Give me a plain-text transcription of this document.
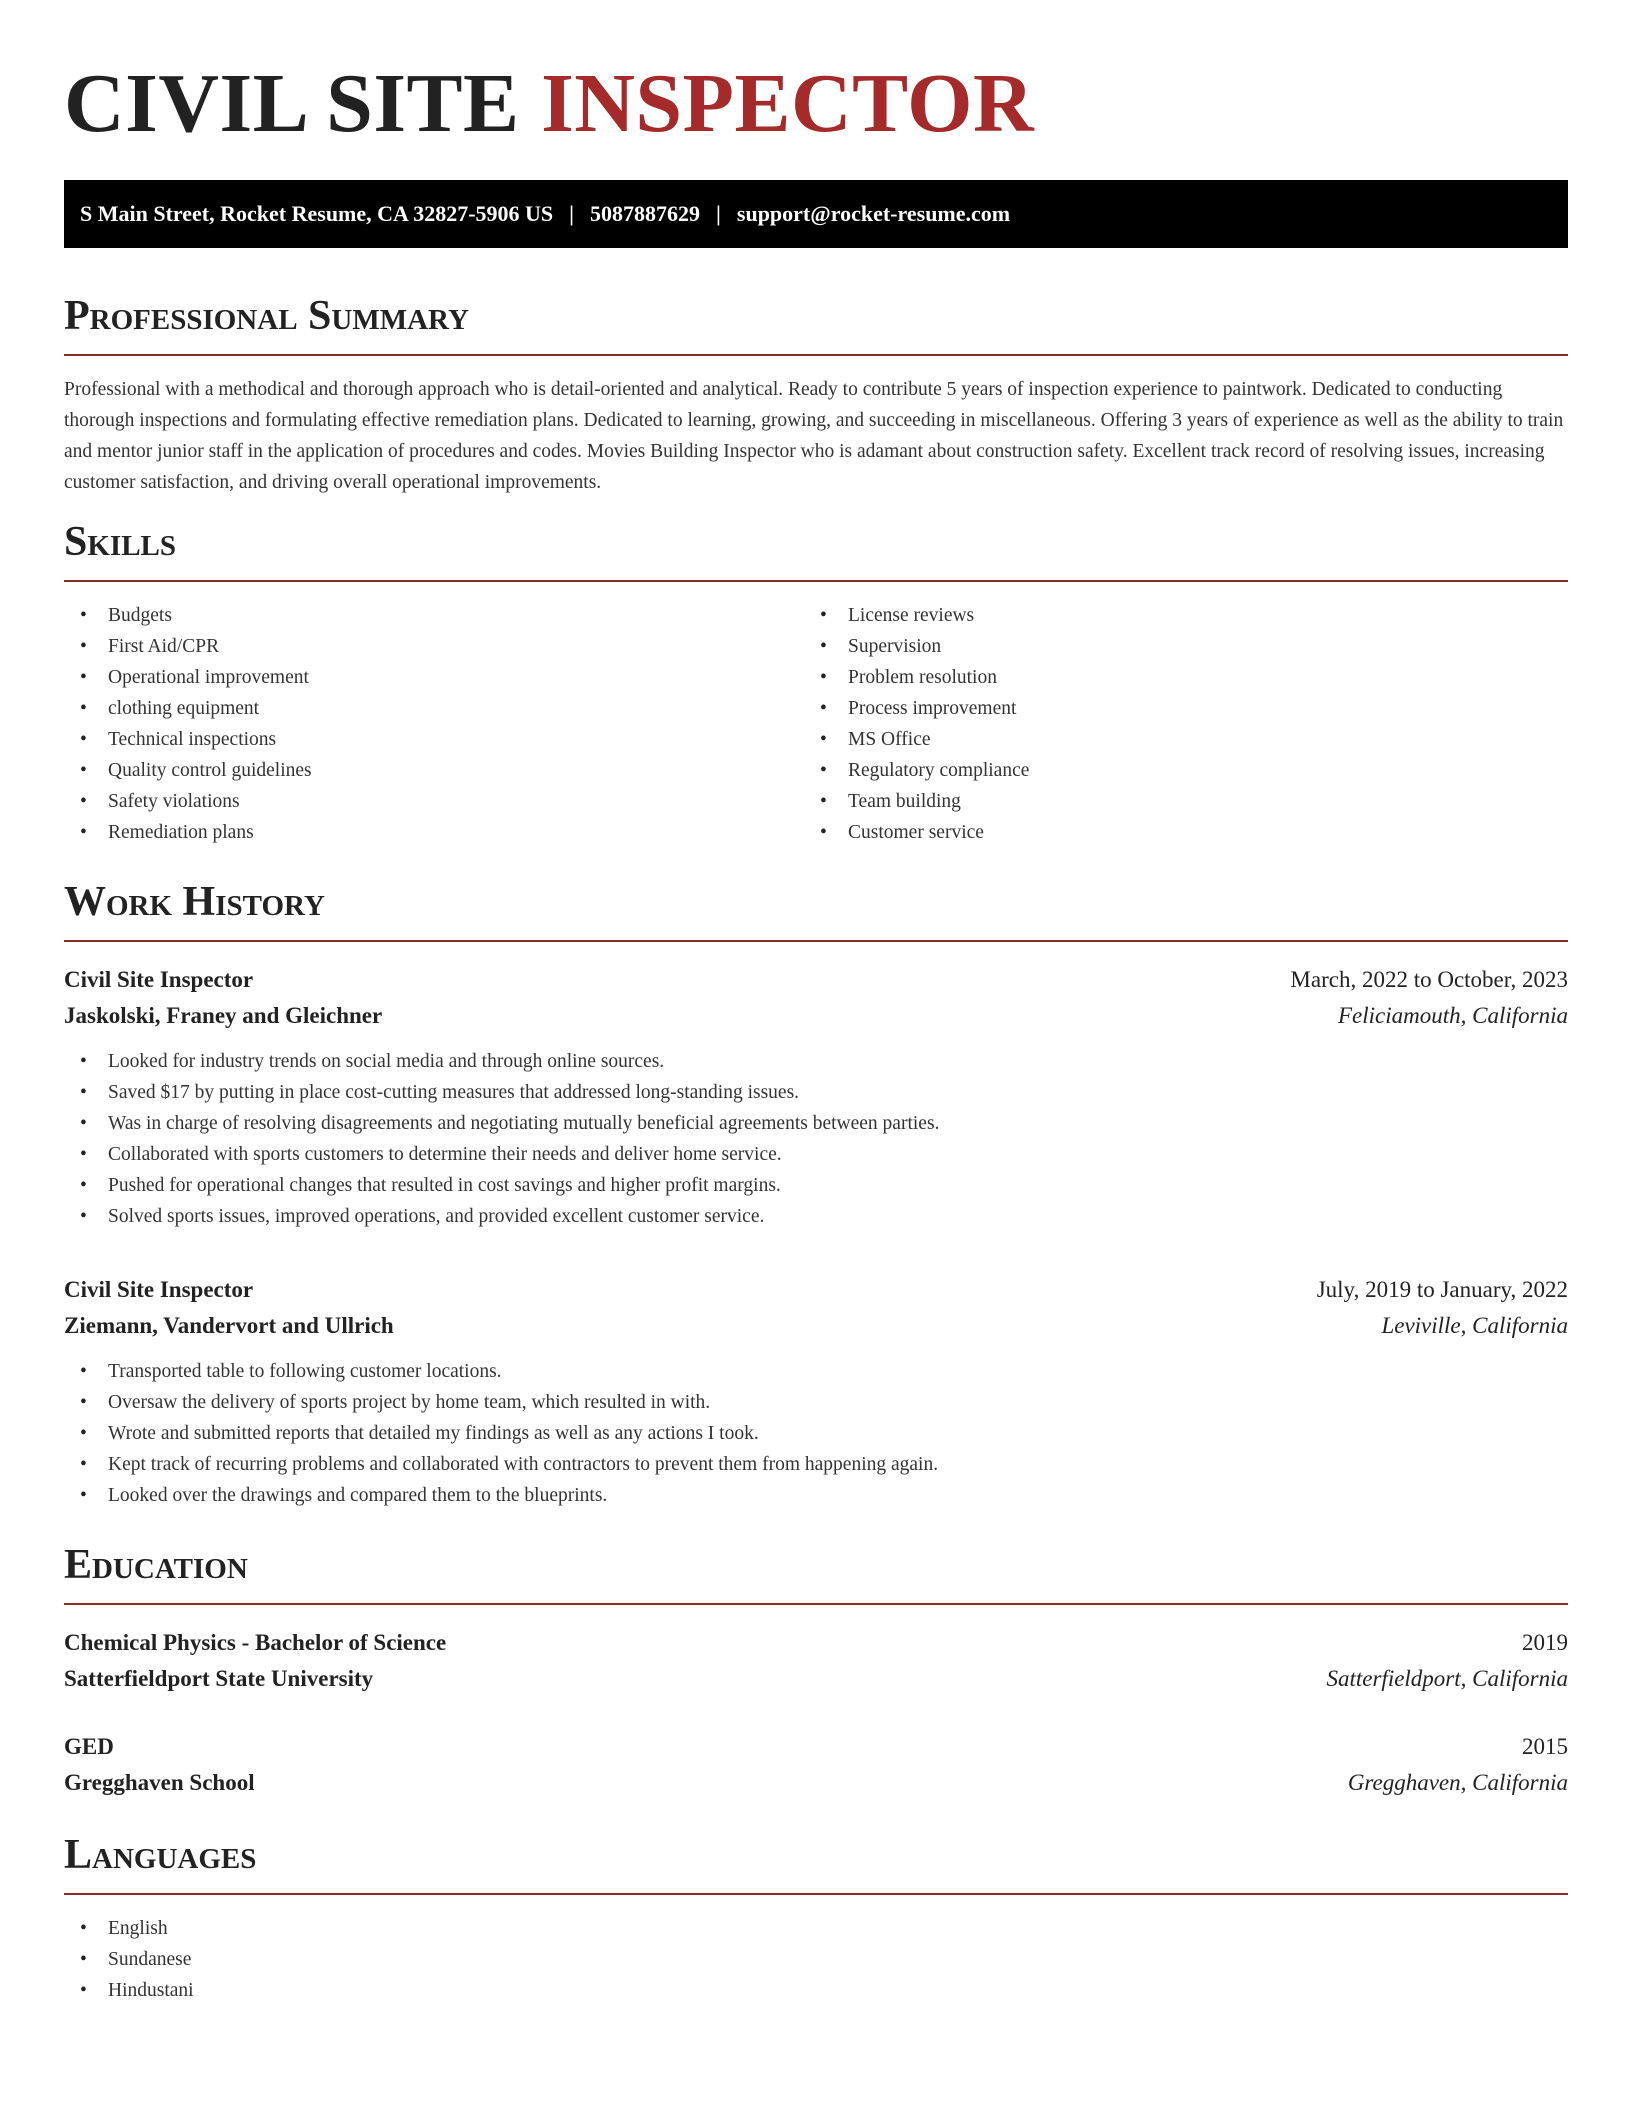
CIVIL SITE INSPECTOR
S Main Street, Rocket Resume, CA 32827-5906 US | 5087887629 | support@rocket-resume.com
Professional Summary

Professional with a methodical and thorough approach who is detail-oriented and analytical. Ready to contribute 5 years of inspection experience to paintwork. Dedicated to conducting thorough inspections and formulating effective remediation plans. Dedicated to learning, growing, and succeeding in miscellaneous. Offering 3 years of experience as well as the ability to train and mentor junior staff in the application of procedures and codes. Movies Building Inspector who is adamant about construction safety. Excellent track record of resolving issues, increasing customer satisfaction, and driving overall operational improvements.

Skills
• Budgets
• First Aid/CPR
• Operational improvement
• clothing equipment
• Technical inspections
• Quality control guidelines
• Safety violations
• Remediation plans
• License reviews
• Supervision
• Problem resolution
• Process improvement
• MS Office
• Regulatory compliance
• Team building
• Customer service
Work History
Civil Site Inspector	March, 2022 to October, 2023
Jaskolski, Franey and Gleichner	Feliciamouth, California
• Looked for industry trends on social media and through online sources.
• Saved $17 by putting in place cost-cutting measures that addressed long-standing issues.
• Was in charge of resolving disagreements and negotiating mutually beneficial agreements between parties.
• Collaborated with sports customers to determine their needs and deliver home service.
• Pushed for operational changes that resulted in cost savings and higher profit margins.
• Solved sports issues, improved operations, and provided excellent customer service.
Civil Site Inspector	July, 2019 to January, 2022
Ziemann, Vandervort and Ullrich	Leviville, California
• Transported table to following customer locations.
• Oversaw the delivery of sports project by home team, which resulted in with.
• Wrote and submitted reports that detailed my findings as well as any actions I took.
• Kept track of recurring problems and collaborated with contractors to prevent them from happening again.
• Looked over the drawings and compared them to the blueprints.
Education
Chemical Physics - Bachelor of Science	2019
Satterfieldport State University	Satterfieldport, California
GED	2015
Gregghaven School	Gregghaven, California
Languages
• English
• Sundanese
• Hindustani
